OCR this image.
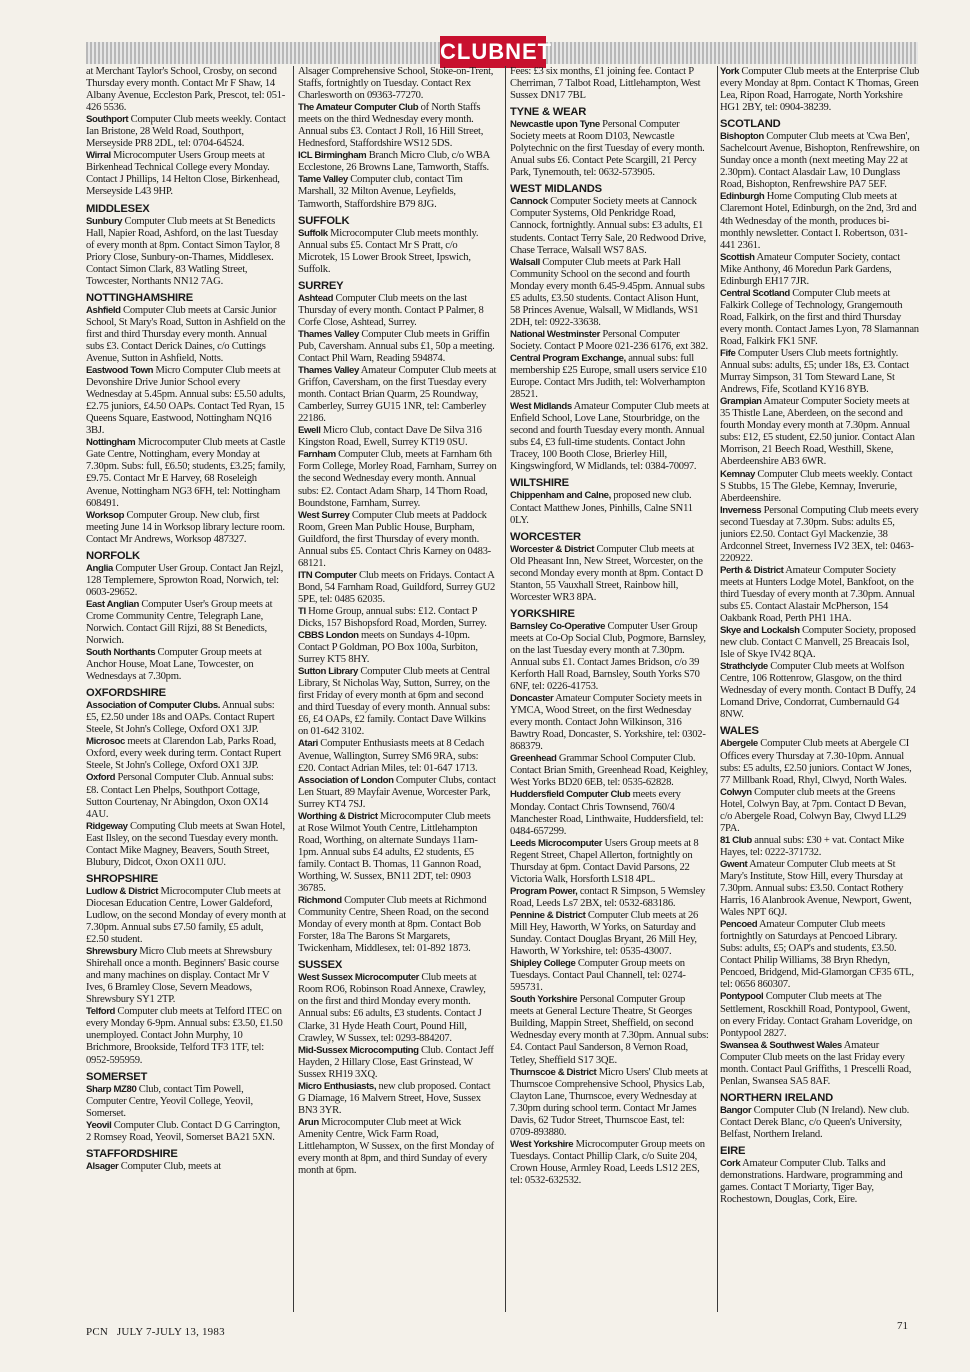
CLUBNET

at Merchant Taylor's School, Crosby, on second Thursday every month. Contact Mr F Shaw, 14 Albany Avenue, Eccleston Park, Prescot, tel: 051-426 5536.

Southport Computer Club meets weekly. Contact Ian Bristone, 28 Weld Road, Southport, Merseyside PR8 2DL, tel: 0704-64524.

Wirral Microcomputer Users Group meets at Birkenhead Technical College every Monday. Contact J Phillips, 14 Helton Close, Birkenhead, Merseyside L43 9HP.

MIDDLESEX

Sunbury Computer Club meets at St Benedicts Hall, Napier Road, Ashford, on the last Tuesday of every month at 8pm. Contact Simon Taylor, 8 Priory Close, Sunbury-on-Thames, Middlesex. Contact Simon Clark, 83 Watling Street, Towcester, Northants NN12 7AG.

NOTTINGHAMSHIRE

Ashfield Computer Club meets at Carsic Junior School, St Mary's Road, Sutton in Ashfield on the first and third Thursday every month. Annual subs £3. Contact Derick Daines, c/o Cuttings Avenue, Sutton in Ashfield, Notts.

Eastwood Town Micro Computer Club meets at Devonshire Drive Junior School every Wednesday at 5.45pm. Annual subs: £5.50 adults, £2.75 juniors, £4.50 OAPs. Contact Ted Ryan, 15 Queens Square, Eastwood, Nottingham NQ16 3BJ.

Nottingham Microcomputer Club meets at Castle Gate Centre, Nottingham, every Monday at 7.30pm. Subs: full, £6.50; students, £3.25; family, £9.75. Contact Mr E Harvey, 68 Roseleigh Avenue, Nottingham NG3 6FH, tel: Nottingham 608491.

Worksop Computer Group. New club, first meeting June 14 in Worksop library lecture room. Contact Mr Andrews, Worksop 487327.

NORFOLK

Anglia Computer User Group. Contact Jan Rejzl, 128 Templemere, Sprowton Road, Norwich, tel: 0603-29652.

East Anglian Computer User's Group meets at Crome Community Centre, Telegraph Lane, Norwich. Contact Gill Rijzi, 88 St Benedicts, Norwich.

South Northants Computer Group meets at Anchor House, Moat Lane, Towcester, on Wednesdays at 7.30pm.

OXFORDSHIRE

Association of Computer Clubs. Annual subs: £5, £2.50 under 18s and OAPs. Contact Rupert Steele, St John's College, Oxford OX1 3JP.

Microsoc meets at Clarendon Lab, Parks Road, Oxford, every week during term. Contact Rupert Steele, St John's College, Oxford OX1 3JP.

Oxford Personal Computer Club. Annual subs: £8. Contact Len Phelps, Southport Cottage, Sutton Courtenay, Nr Abingdon, Oxon OX14 4AU.

Ridgeway Computing Club meets at Swan Hotel, East Ilsley, on the second Tuesday every month. Contact Mike Magney, Beavers, South Street, Blubury, Didcot, Oxon OX11 0JU.

SHROPSHIRE

Ludlow & District Microcomputer Club meets at Diocesan Education Centre, Lower Galdeford, Ludlow, on the second Monday of every month at 7.30pm. Annual subs £7.50 family, £5 adult, £2.50 student.

Shrewsbury Micro Club meets at Shrewsbury Shirehall once a month. Beginners' Basic course and many machines on display. Contact Mr V Ives, 6 Bramley Close, Severn Meadows, Shrewsbury SY1 2TP.

Telford Computer club meets at Telford ITEC on every Monday 6-9pm. Annual subs: £3.50, £1.50 unemployed. Contact John Murphy, 10 Brichmore, Brookside, Telford TF3 1TF, tel: 0952-595959.

SOMERSET

Sharp MZ80 Club, contact Tim Powell, Computer Centre, Yeovil College, Yeovil, Somerset.

Yeovil Computer Club. Contact D G Carrington, 2 Romsey Road, Yeovil, Somerset BA21 5XN.

STAFFORDSHIRE

Alsager Computer Club, meets at

Alsager Comprehensive School, Stoke-on-Trent, Staffs, fortnightly on Tuesday. Contact Rex Charlesworth on 09363-77270.

The Amateur Computer Club of North Staffs meets on the third Wednesday every month. Annual subs £3. Contact J Roll, 16 Hill Street, Hednesford, Staffordshire WS12 5DS.

ICL Birmingham Branch Micro Club, c/o WBA Ecclestone, 26 Browns Lane, Tamworth, Staffs.

Tame Valley Computer club, contact Tim Marshall, 32 Milton Avenue, Leyfields, Tamworth, Staffordshire B79 8JG.

SUFFOLK

Suffolk Microcomputer Club meets monthly. Annual subs £5. Contact Mr S Pratt, c/o Microtek, 15 Lower Brook Street, Ipswich, Suffolk.

SURREY

Ashtead Computer Club meets on the last Thursday of every month. Contact P Palmer, 8 Corfe Close, Ashtead, Surrey.

Thames Valley Computer Club meets in Griffin Pub, Caversham. Annual subs £1, 50p a meeting. Contact Phil Warn, Reading 594874.

Thames Valley Amateur Computer Club meets at Griffon, Caversham, on the first Tuesday every month. Contact Brian Quarm, 25 Roundway, Camberley, Surrey GU15 1NR, tel: Camberley 22186.

Ewell Micro Club, contact Dave De Silva 316 Kingston Road, Ewell, Surrey KT19 0SU.

Farnham Computer Club, meets at Farnham 6th Form College, Morley Road, Farnham, Surrey on the second Wednesday every month. Annual subs: £2. Contact Adam Sharp, 14 Thorn Road, Boundstone, Farnham, Surrey.

West Surrey Computer Club meets at Paddock Room, Green Man Public House, Burpham, Guildford, the first Thursday of every month. Annual subs £5. Contact Chris Karney on 0483-68121.

ITN Computer Club meets on Fridays. Contact A Bond, 54 Farnham Road, Guildford, Surrey GU2 5PE, tel: 0485 62035.

TI Home Group, annual subs: £12. Contact P Dicks, 157 Bishopsford Road, Morden, Surrey.

CBBS London meets on Sundays 4-10pm. Contact P Goldman, PO Box 100a, Surbiton, Surrey KT5 8HY.

Sutton Library Computer Club meets at Central Library, St Nicholas Way, Sutton, Surrey, on the first Friday of every month at 6pm and second and third Tuesday of every month. Annual subs: £6, £4 OAPs, £2 family. Contact Dave Wilkins on 01-642 3102.

Atari Computer Enthusiasts meets at 8 Cedach Avenue, Wallington, Surrey SM6 9RA, subs: £20. Contact Adrian Miles, tel: 01-647 1713.

Association of London Computer Clubs, contact Len Stuart, 89 Mayfair Avenue, Worcester Park, Surrey KT4 7SJ.

Worthing & District Microcomputer Club meets at Rose Wilmot Youth Centre, Littlehampton Road, Worthing, on alternate Sundays 11am-1pm. Annual subs £4 adults, £2 students, £5 family. Contact B. Thomas, 11 Gannon Road, Worthing, W. Sussex, BN11 2DT, tel: 0903 36785.

Richmond Computer Club meets at Richmond Community Centre, Sheen Road, on the second Monday of every month at 8pm. Contact Bob Forster, 18a The Barons St Margarets, Twickenham, Middlesex, tel: 01-892 1873.

SUSSEX

West Sussex Microcomputer Club meets at Room RO6, Robinson Road Annexe, Crawley, on the first and third Monday every month. Annual subs: £6 adults, £3 students. Contact J Clarke, 31 Hyde Heath Court, Pound Hill, Crawley, W Sussex, tel: 0293-884207.

Mid-Sussex Microcomputing Club. Contact Jeff Hayden, 2 Hillary Close, East Grinstead, W Sussex RH19 3XQ.

Micro Enthusiasts, new club proposed. Contact G Diamage, 16 Malvern Street, Hove, Sussex BN3 3YR.

Arun Microcomputer Club meet at Wick Amenity Centre, Wick Farm Road, Littlehampton, W Sussex, on the first Monday of every month at 8pm, and third Sunday of every month at 6pm.

Fees: £3 six months, £1 joining fee. Contact P Cherriman, 7 Talbot Road, Littlehampton, West Sussex DN17 7BL

TYNE & WEAR

Newcastle upon Tyne Personal Computer Society meets at Room D103, Newcastle Polytechnic on the first Tuesday of every month. Anual subs £6. Contact Pete Scargill, 21 Percy Park, Tynemouth, tel: 0632-573905.

WEST MIDLANDS

Cannock Computer Society meets at Cannock Computer Systems, Old Penkridge Road, Cannock, fortnightly. Annual subs: £3 adults, £1 students. Contact Terry Sale, 20 Redwood Drive, Chase Terrace, Walsall WS7 8AS.

Walsall Computer Club meets at Park Hall Community School on the second and fourth Monday every month 6.45-9.45pm. Annual subs £5 adults, £3.50 students. Contact Alison Hunt, 58 Princes Avenue, Walsall, W Midlands, WS1 2DH, tel: 0922-33638.

National Westminster Personal Computer Society. Contact P Moore 021-236 6176, ext 382.

Central Program Exchange, annual subs: full membership £25 Europe, small users service £10 Europe. Contact Mrs Judith, tel: Wolverhampton 28521.

West Midlands Amateur Computer Club meets at Enfield School, Love Lane, Stourbridge, on the second and fourth Tuesday every month. Annual subs £4, £3 full-time students. Contact John Tracey, 100 Booth Close, Brierley Hill, Kingswingford, W Midlands, tel: 0384-70097.

WILTSHIRE

Chippenham and Calne, proposed new club. Contact Matthew Jones, Pinhills, Calne SN11 0LY.

WORCESTER

Worcester & District Computer Club meets at Old Pheasant Inn, New Street, Worcester, on the second Monday every month at 8pm. Contact D Stanton, 55 Vauxhall Street, Rainbow hill, Worcester WR3 8PA.

YORKSHIRE

Barnsley Co-Operative Computer User Group meets at Co-Op Social Club, Pogmore, Barnsley, on the last Tuesday every month at 7.30pm. Annual subs £1. Contact James Bridson, c/o 39 Kerforth Hall Road, Barnsley, South Yorks S70 6NF, tel: 0226-41753.

Doncaster Amateur Computer Society meets in YMCA, Wood Street, on the first Wednesday every month. Contact John Wilkinson, 316 Bawtry Road, Doncaster, S. Yorkshire, tel: 0302-868379.

Greenhead Grammar School Computer Club. Contact Brian Smith, Greenhead Road, Keighley, West Yorks BD20 6EB, tel: 0535-62828.

Huddersfield Computer Club meets every Monday. Contact Chris Townsend, 760/4 Manchester Road, Linthwaite, Huddersfield, tel: 0484-657299.

Leeds Microcomputer Users Group meets at 8 Regent Street, Chapel Allerton, fortnightly on Thursday at 6pm. Contact David Parsons, 22 Victoria Walk, Horsforth LS18 4PL.

Program Power, contact R Simpson, 5 Wemsley Road, Leeds Ls7 2BX, tel: 0532-683186.

Pennine & District Computer Club meets at 26 Mill Hey, Haworth, W Yorks, on Saturday and Sunday. Contact Douglas Bryant, 26 Mill Hey, Haworth, W Yorkshire, tel: 0535-43007.

Shipley College Computer Group meets on Tuesdays. Contact Paul Channell, tel: 0274-595731.

South Yorkshire Personal Computer Group meets at General Lecture Theatre, St Georges Building, Mappin Street, Sheffield, on second Wednesday every month at 7.30pm. Annual subs: £4. Contact Paul Sanderson, 8 Vernon Road, Tetley, Sheffield S17 3QE.

Thurnscoe & District Micro Users' Club meets at Thurnscoe Comprehensive School, Physics Lab, Clayton Lane, Thurnscoe, every Wednesday at 7.30pm during school term. Contact Mr James Davis, 62 Tudor Street, Thurnscoe East, tel: 0709-893880.

West Yorkshire Microcomputer Group meets on Tuesdays. Contact Phillip Clark, c/o Suite 204, Crown House, Armley Road, Leeds LS12 2ES, tel: 0532-632532.

York Computer Club meets at the Enterprise Club every Monday at 8pm. Contact K Thomas, Green Lea, Ripon Road, Harrogate, North Yorkshire HG1 2BY, tel: 0904-38239.

SCOTLAND

Bishopton Computer Club meets at 'Cwa Ben', Sachelcourt Avenue, Bishopton, Renfrewshire, on Sunday once a month (next meeting May 22 at 2.30pm). Contact Alasdair Law, 10 Dunglass Road, Bishopton, Renfrewshire PA7 5EF.

Edinburgh Home Computing Club meets at Claremont Hotel, Edinburgh, on the 2nd, 3rd and 4th Wednesday of the month, produces bi-monthly newsletter. Contact I. Robertson, 031-441 2361.

Scottish Amateur Computer Society, contact Mike Anthony, 46 Moredun Park Gardens, Edinburgh EH17 7JR.

Central Scotland Computer Club meets at Falkirk College of Technology, Grangemouth Road, Falkirk, on the first and third Thursday every month. Contact James Lyon, 78 Slamannan Road, Falkirk FK1 5NF.

Fife Computer Users Club meets fortnightly. Annual subs: adults, £5; under 18s, £3. Contact Murray Simpson, 31 Tom Steward Lane, St Andrews, Fife, Scotland KY16 8YB.

Grampian Amateur Computer Society meets at 35 Thistle Lane, Aberdeen, on the second and fourth Monday every month at 7.30pm. Annual subs: £12, £5 student, £2.50 junior. Contact Alan Morrison, 21 Beech Road, Westhill, Skene, Aberdeenshire AB3 6WR.

Kemnay Computer Club meets weekly. Contact S Stubbs, 15 The Glebe, Kemnay, Inverurie, Aberdeenshire.

Inverness Personal Computing Club meets every second Tuesday at 7.30pm. Subs: adults £5, juniors £2.50. Contact Gyl Mackenzie, 38 Ardconnel Street, Inverness IV2 3EX, tel: 0463-220922.

Perth & District Amateur Computer Society meets at Hunters Lodge Motel, Bankfoot, on the third Tuesday of every month at 7.30pm. Annual subs £5. Contact Alastair McPherson, 154 Oakbank Road, Perth PH1 1HA.

Skye and Lockalsh Computer Society, proposed new club. Contact C Manvell, 25 Breacais Isol, Isle of Skye IV42 8QA.

Strathclyde Computer Club meets at Wolfson Centre, 106 Rottenrow, Glasgow, on the third Wednesday of every month. Contact B Duffy, 24 Lomand Drive, Condorrat, Cumbernauld G4 8NW.

WALES

Abergele Computer Club meets at Abergele CI Offices every Thursday at 7.30-10pm. Annual subs: £5 adults, £2.50 juniors. Contact W Jones, 77 Millbank Road, Rhyl, Clwyd, North Wales.

Colwyn Computer club meets at the Greens Hotel, Colwyn Bay, at 7pm. Contact D Bevan, c/o Abergele Road, Colwyn Bay, Clwyd LL29 7PA.

81 Club annual subs: £30 + vat. Contact Mike Hayes, tel: 0222-371732.

Gwent Amateur Computer Club meets at St Mary's Institute, Stow Hill, every Thursday at 7.30pm. Annual subs: £3.50. Contact Rothery Harris, 16 Alanbrook Avenue, Newport, Gwent, Wales NPT 6QJ.

Pencoed Amateur Computer Club meets fortnightly on Saturdays at Pencoed Library. Subs: adults, £5; OAP's and students, £3.50. Contact Philip Williams, 38 Bryn Rhedyn, Pencoed, Bridgend, Mid-Glamorgan CF35 6TL, tel: 0656 860307.

Pontypool Computer Club meets at The Settlement, Rosckhill Road, Pontypool, Gwent, on every Friday. Contact Graham Loveridge, on Pontypool 2827.

Swansea & Southwest Wales Amateur Computer Club meets on the last Friday every month. Contact Paul Griffiths, 1 Prescelli Road, Penlan, Swansea SA5 8AF.

NORTHERN IRELAND

Bangor Computer Club (N Ireland). New club. Contact Derek Blanc, c/o Queen's University, Belfast, Northern Ireland.

EIRE

Cork Amateur Computer Club. Talks and demonstrations. Hardware, programming and games. Contact T Moriarty, Tiger Bay, Rochestown, Douglas, Cork, Eire.

PCN JULY 7-JULY 13, 1983	71
